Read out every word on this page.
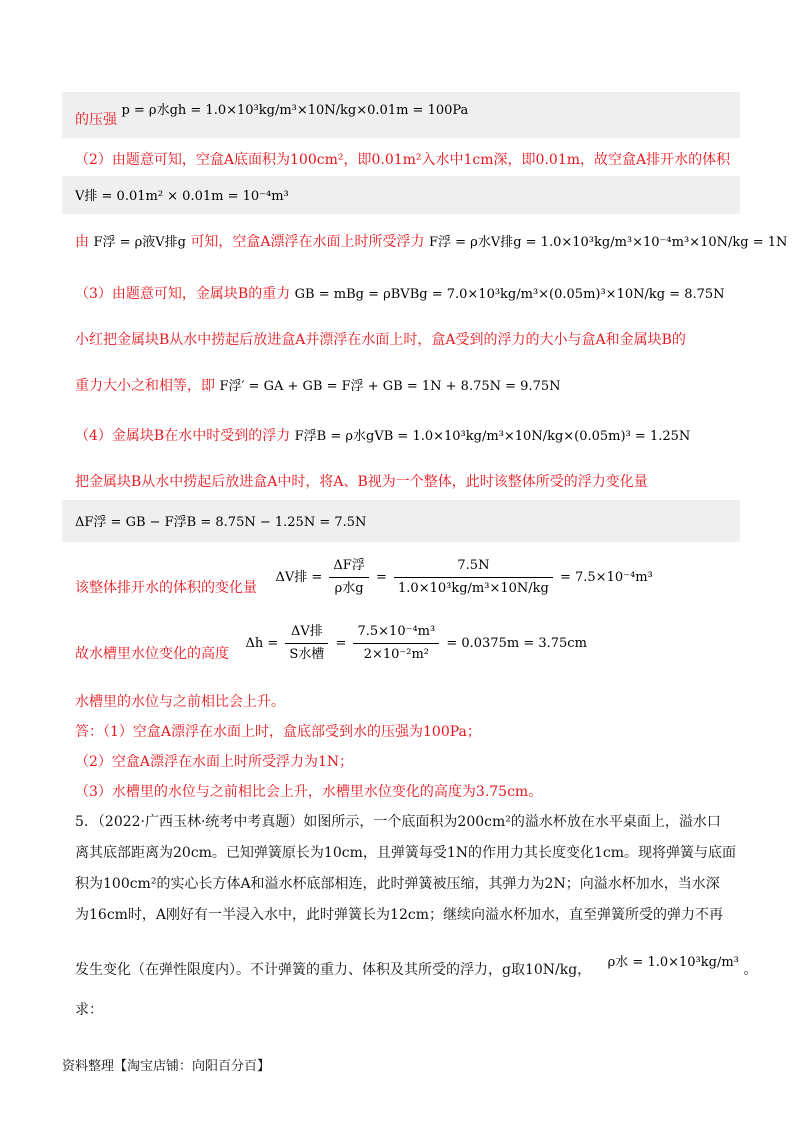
的压强 p = ρ水gh = 1.0×10³kg/m³×10N/kg×0.01m = 100Pa
（2）由题意可知，空盒A底面积为100cm²，即0.01m²入水中1cm深，即0.01m，故空盒A排开水的体积
V排 = 0.01m² × 0.01m = 10⁻⁴m³
由 F浮 = ρ液V排g 可知，空盒A漂浮在水面上时所受浮力 F浮 = ρ水V排g = 1.0×10³kg/m³×10⁻⁴m³×10N/kg = 1N
（3）由题意可知，金属块B的重力 GB = mBg = ρBVBg = 7.0×10³kg/m³×(0.05m)³×10N/kg = 8.75N
小红把金属块B从水中捞起后放进盒A并漂浮在水面上时，盒A受到的浮力的大小与盒A和金属块B的
重力大小之和相等，即 F浮′ = GA + GB = F浮 + GB = 1N + 8.75N = 9.75N
（4）金属块B在水中时受到的浮力 F浮B = ρ水gVB = 1.0×10³kg/m³×10N/kg×(0.05m)³ = 1.25N
把金属块B从水中捞起后放进盒A中时，将A、B视为一个整体，此时该整体所受的浮力变化量
ΔF浮 = GB − F浮B = 8.75N − 1.25N = 7.5N
该整体排开水的体积的变化量 ΔV排 = $\frac{\text{ΔF浮}}{\text{ρ水g}} = \frac{7.5N}{\text{1.0×10³kg/m³×10N/kg}} = 7.5\times 10^{-4}m^3$
故水槽里水位变化的高度 $\Delta h = \frac{\text{ΔV排}}{\text{S水槽}} = \frac{\text{7.5×10⁻⁴m³}}{\text{2×10⁻²m²}} = 0.0375m = 3.75cm$
水槽里的水位与之前相比会上升。
答：（1）空盒A漂浮在水面上时，盒底部受到水的压强为100Pa；
（2）空盒A漂浮在水面上时所受浮力为1N；
（3）水槽里的水位与之前相比会上升，水槽里水位变化的高度为3.75cm。
5．（2022·广西玉林·统考中考真题）如图所示，一个底面积为200cm²的溢水杯放在水平桌面上，溢水口
离其底部距离为20cm。已知弹簧原长为10cm，且弹簧每受1N的作用力其长度变化1cm。现将弹簧与底面
积为100cm²的实心长方体A和溢水杯底部相连，此时弹簧被压缩，其弹力为2N；向溢水杯加水，当水深
为16cm时，A刚好有一半浸入水中，此时弹簧长为12cm；继续向溢水杯加水，直至弹簧所受的弹力不再
发生变化（在弹性限度内）。不计弹簧的重力、体积及其所受的浮力，g取10N/kg， ρ水 = 1.0×10³kg/m³ 。
求：
资料整理【淘宝店铺：向阳百分百】
